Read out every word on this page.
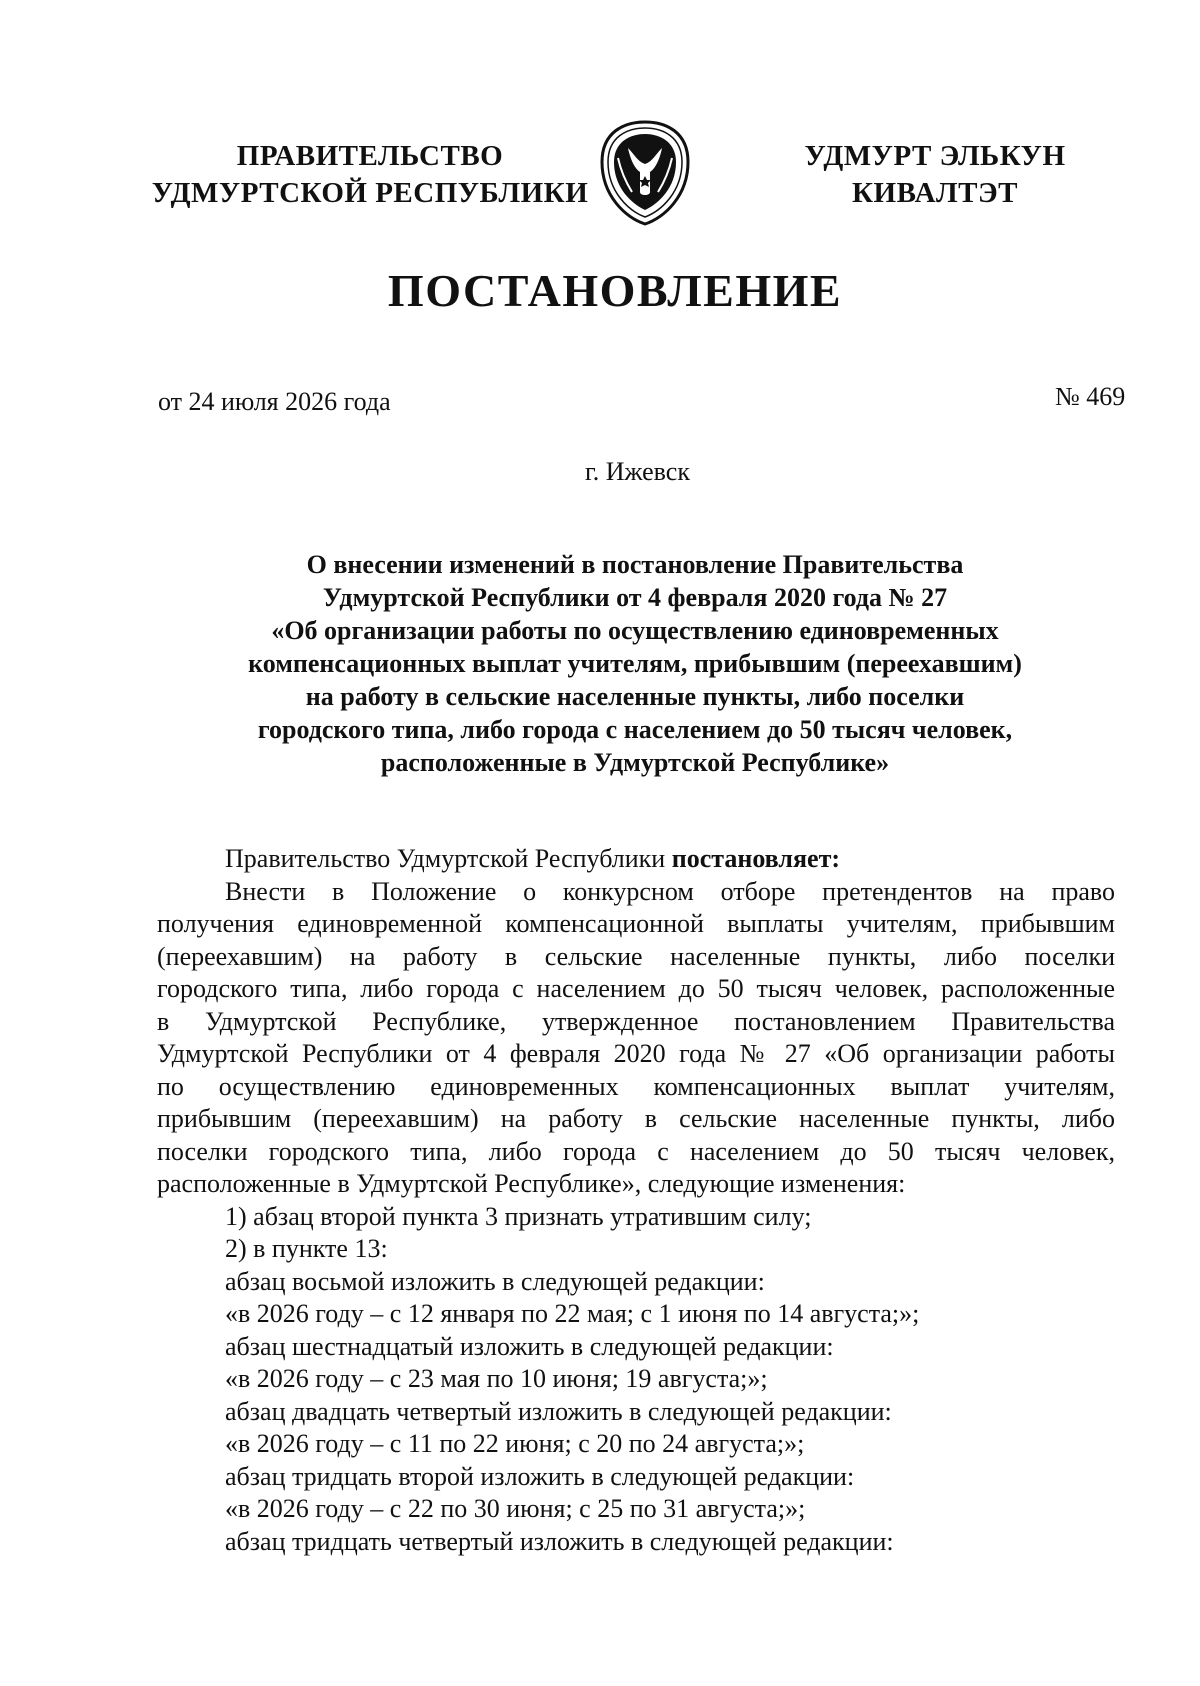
ПРАВИТЕЛЬСТВО
УДМУРТСКОЙ РЕСПУБЛИКИ
УДМУРТ ЭЛЬКУН
КИВАЛТЭТ
ПОСТАНОВЛЕНИЕ
от 24 июля 2026 года	№ 469
г. Ижевск
О внесении изменений в постановление Правительства
Удмуртской Республики от 4 февраля 2020 года № 27
«Об организации работы по осуществлению единовременных
компенсационных выплат учителям, прибывшим (переехавшим)
на работу в сельские населенные пункты, либо поселки
городского типа, либо города с населением до 50 тысяч человек,
расположенные в Удмуртской Республике»
Правительство Удмуртской Республики постановляет:
Внести в Положение о конкурсном отборе претендентов на право
получения единовременной компенсационной выплаты учителям, прибывшим
(переехавшим) на работу в сельские населенные пункты, либо поселки
городского типа, либо города с населением до 50 тысяч человек, расположенные
в Удмуртской Республике, утвержденное постановлением Правительства
Удмуртской Республики от 4 февраля 2020 года № 27 «Об организации работы
по осуществлению единовременных компенсационных выплат учителям,
прибывшим (переехавшим) на работу в сельские населенные пункты, либо
поселки городского типа, либо города с населением до 50 тысяч человек,
расположенные в Удмуртской Республике», следующие изменения:
1) абзац второй пункта 3 признать утратившим силу;
2) в пункте 13:
абзац восьмой изложить в следующей редакции:
«в 2026 году – с 12 января по 22 мая; с 1 июня по 14 августа;»;
абзац шестнадцатый изложить в следующей редакции:
«в 2026 году – с 23 мая по 10 июня; 19 августа;»;
абзац двадцать четвертый изложить в следующей редакции:
«в 2026 году – с 11 по 22 июня; с 20 по 24 августа;»;
абзац тридцать второй изложить в следующей редакции:
«в 2026 году – с 22 по 30 июня; с 25 по 31 августа;»;
абзац тридцать четвертый изложить в следующей редакции:
